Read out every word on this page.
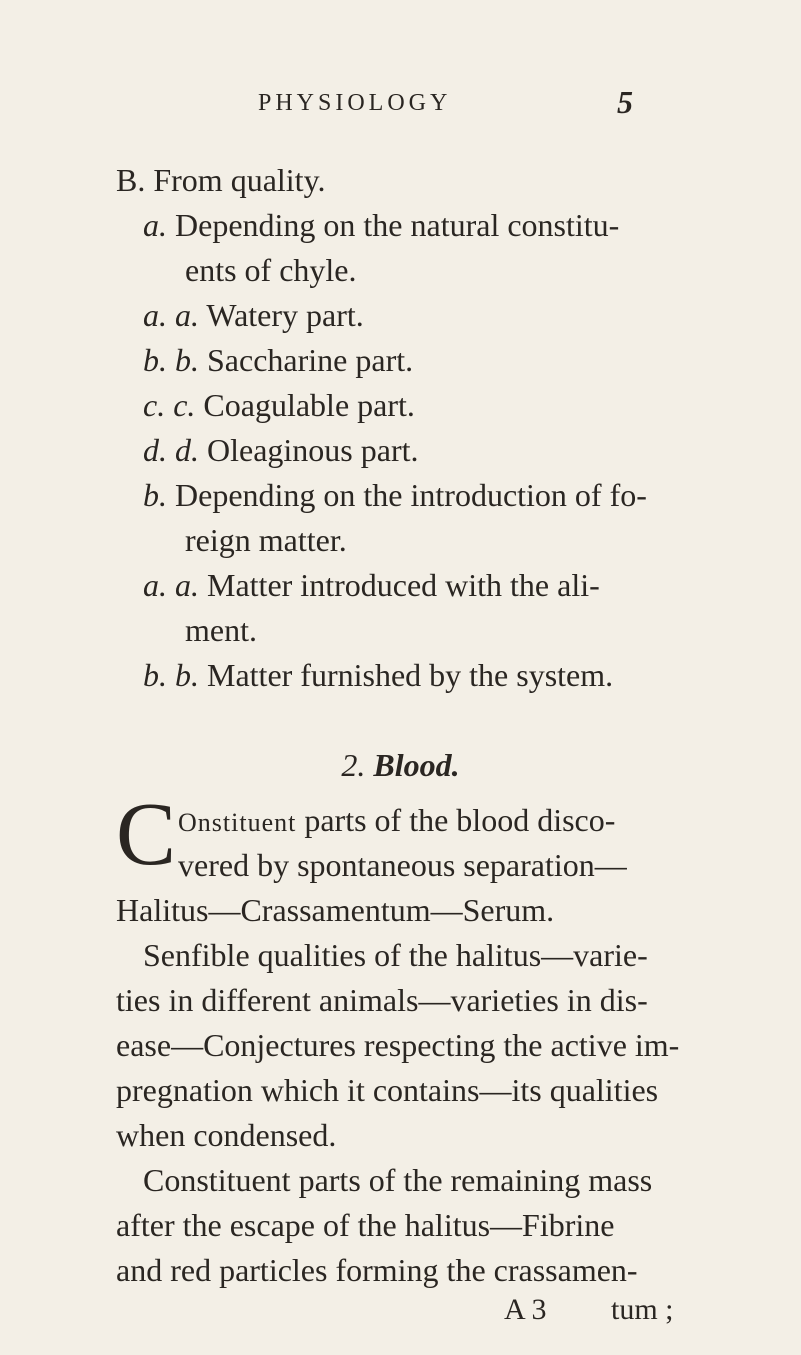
PHYSIOLOGY	5
B. From quality.
a. Depending on the natural constitu-
ents of chyle.
a. a. Watery part.
b. b. Saccharine part.
c. c. Coagulable part.
d. d. Oleaginous part.
b. Depending on the introduction of fo-
reign matter.
a. a. Matter introduced with the ali-
ment.
b. b. Matter furnished by the system.
2. Blood.
C Onstituent parts of the blood disco-
vered by spontaneous separation—
Halitus—Crassamentum—Serum.
Senfible qualities of the halitus—varie-
ties in different animals—varieties in dis-
ease—Conjectures respecting the active im-
pregnation which it contains—its qualities
when condensed.
Constituent parts of the remaining mass
after the escape of the halitus—Fibrine
and red particles forming the crassamen-
A 3 tum ;
